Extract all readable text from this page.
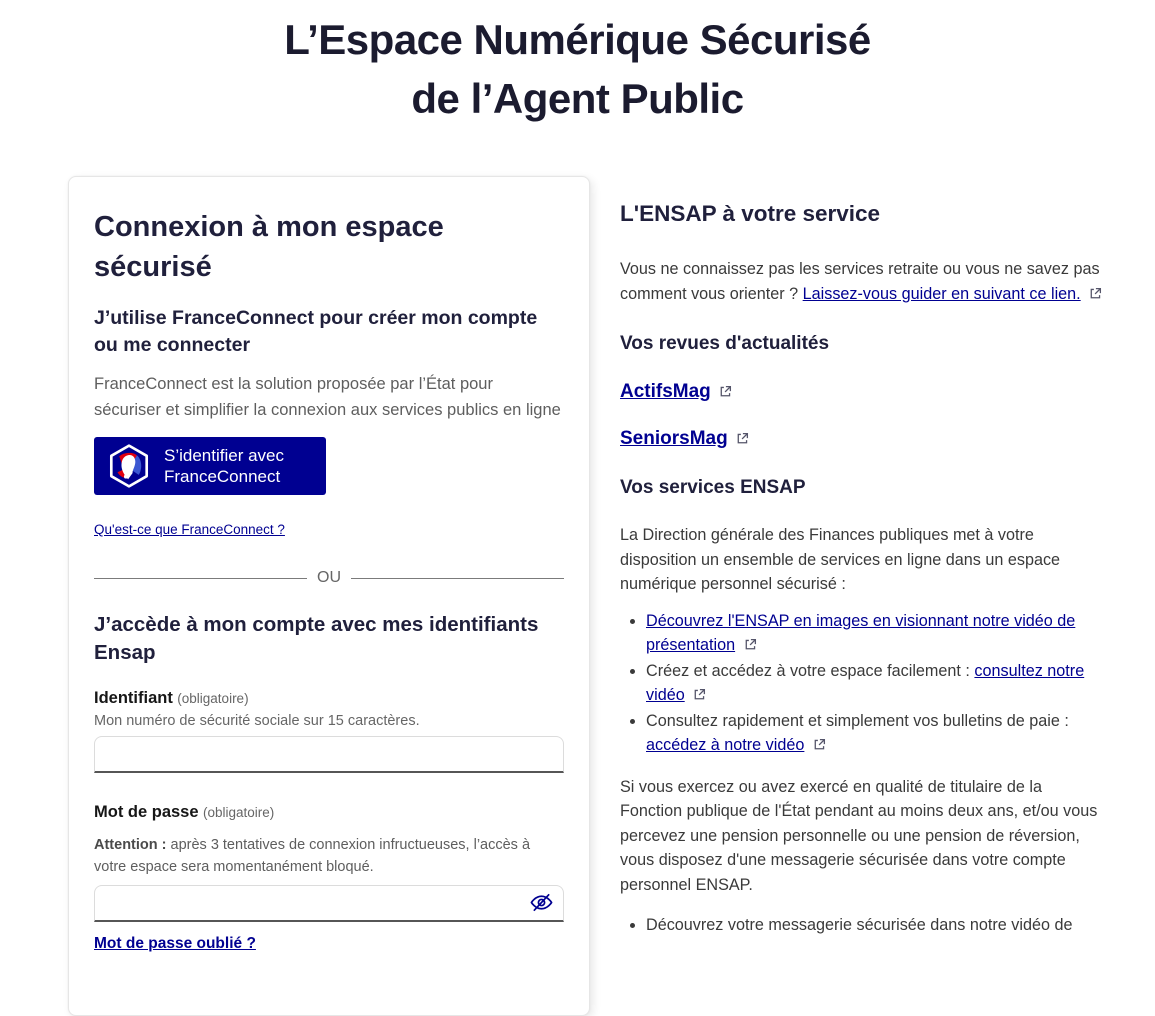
L’Espace Numérique Sécurisé
de l’Agent Public
Connexion à mon espace sécurisé
J’utilise FranceConnect pour créer mon compte ou me connecter

FranceConnect est la solution proposée par l’État pour sécuriser et simplifier la connexion aux services publics en ligne

S’identifier avec
FranceConnect

Qu'est-ce que FranceConnect ?
OU
J’accède à mon compte avec mes identifiants Ensap
Identifiant (obligatoire)
Mon numéro de sécurité sociale sur 15 caractères.
Mot de passe (obligatoire)

Attention : après 3 tentatives de connexion infructueuses, l’accès à votre espace sera momentanément bloqué.

Mot de passe oublié ?
L'ENSAP à votre service

Vous ne connaissez pas les services retraite ou vous ne savez pas comment vous orienter ? Laissez-vous guider en suivant ce lien.

Vos revues d'actualités
ActifsMag
SeniorsMag
Vos services ENSAP

La Direction générale des Finances publiques met à votre disposition un ensemble de services en ligne dans un espace numérique personnel sécurisé :

• Découvrez l'ENSAP en images en visionnant notre vidéo de présentation
• Créez et accédez à votre espace facilement : consultez notre vidéo
• Consultez rapidement et simplement vos bulletins de paie : accédez à notre vidéo

Si vous exercez ou avez exercé en qualité de titulaire de la Fonction publique de l'État pendant au moins deux ans, et/ou vous percevez une pension personnelle ou une pension de réversion, vous disposez d'une messagerie sécurisée dans votre compte personnel ENSAP.

• Découvrez votre messagerie sécurisée dans notre vidéo de
